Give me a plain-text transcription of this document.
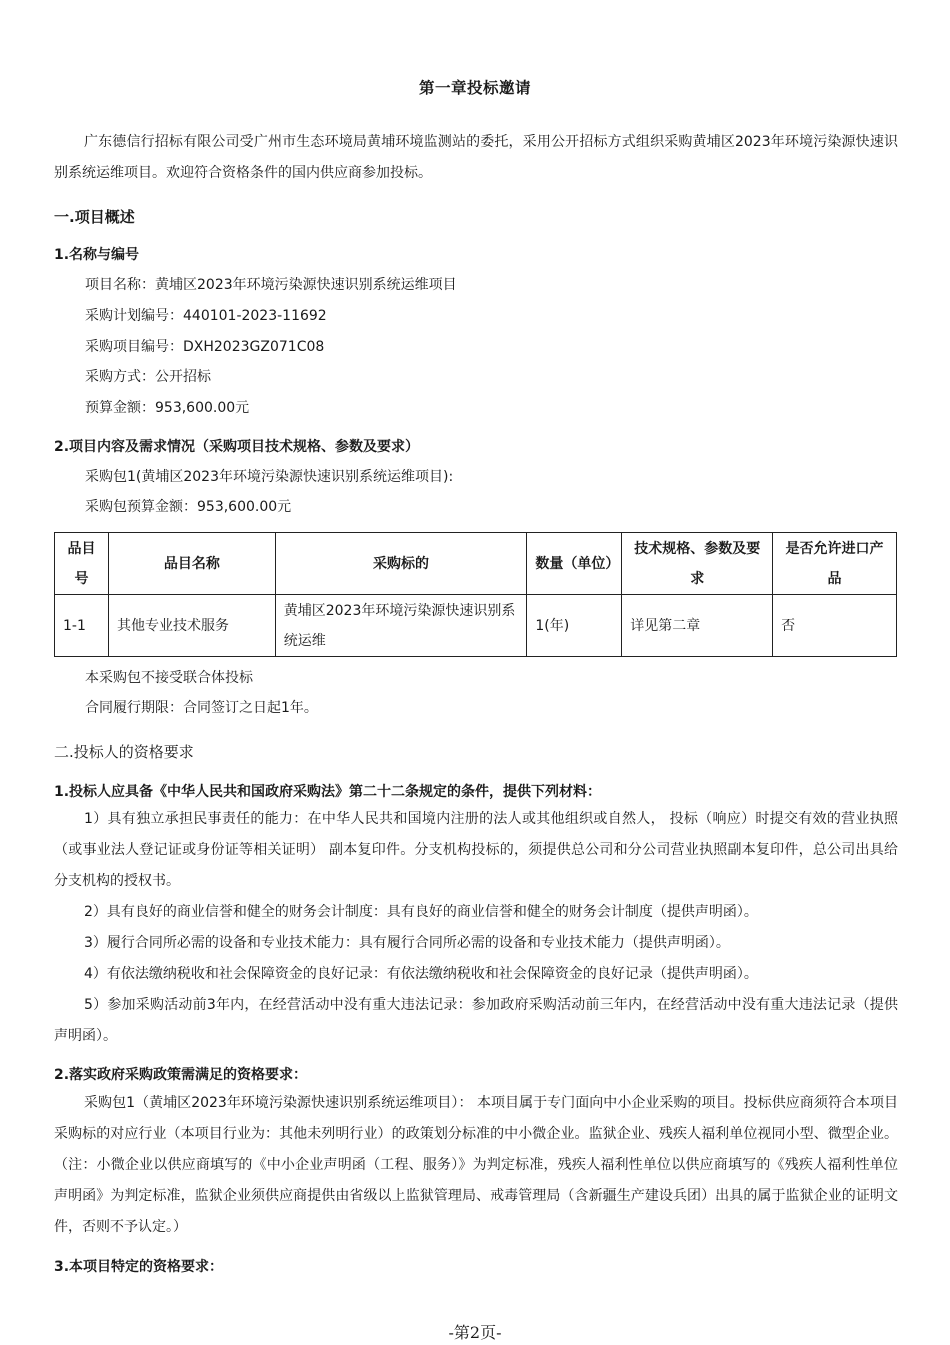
第一章投标邀请

广东德信行招标有限公司受广州市生态环境局黄埔环境监测站的委托，采用公开招标方式组织采购黄埔区2023年环境污染源快速识别系统运维项目。欢迎符合资格条件的国内供应商参加投标。

一.项目概述
1.名称与编号
项目名称：黄埔区2023年环境污染源快速识别系统运维项目
采购计划编号：440101-2023-11692
采购项目编号：DXH2023GZ071C08
采购方式：公开招标
预算金额：953,600.00元
2.项目内容及需求情况（采购项目技术规格、参数及要求）
采购包1(黄埔区2023年环境污染源快速识别系统运维项目):
采购包预算金额：953,600.00元
品目号	品目名称	采购标的	数量（单位）	技术规格、参数及要求	是否允许进口产品
1-1	其他专业技术服务	黄埔区2023年环境污染源快速识别系统运维	1(年)	详见第二章	否
本采购包不接受联合体投标
合同履行期限：合同签订之日起1年。
二.投标人的资格要求
1.投标人应具备《中华人民共和国政府采购法》第二十二条规定的条件，提供下列材料：

1）具有独立承担民事责任的能力：在中华人民共和国境内注册的法人或其他组织或自然人， 投标（响应）时提交有效的营业执照（或事业法人登记证或身份证等相关证明） 副本复印件。分支机构投标的，须提供总公司和分公司营业执照副本复印件，总公司出具给分支机构的授权书。

2）具有良好的商业信誉和健全的财务会计制度：具有良好的商业信誉和健全的财务会计制度（提供声明函）。

3）履行合同所必需的设备和专业技术能力：具有履行合同所必需的设备和专业技术能力（提供声明函）。

4）有依法缴纳税收和社会保障资金的良好记录：有依法缴纳税收和社会保障资金的良好记录（提供声明函）。

5）参加采购活动前3年内，在经营活动中没有重大违法记录：参加政府采购活动前三年内，在经营活动中没有重大违法记录（提供声明函）。

2.落实政府采购政策需满足的资格要求：

采购包1（黄埔区2023年环境污染源快速识别系统运维项目）： 本项目属于专门面向中小企业采购的项目。投标供应商须符合本项目采购标的对应行业（本项目行业为：其他未列明行业）的政策划分标准的中小微企业。监狱企业、残疾人福利单位视同小型、微型企业。（注：小微企业以供应商填写的《中小企业声明函（工程、服务）》为判定标准，残疾人福利性单位以供应商填写的《残疾人福利性单位声明函》为判定标准，监狱企业须供应商提供由省级以上监狱管理局、戒毒管理局（含新疆生产建设兵团）出具的属于监狱企业的证明文件，否则不予认定。）

3.本项目特定的资格要求：
-第2页-
